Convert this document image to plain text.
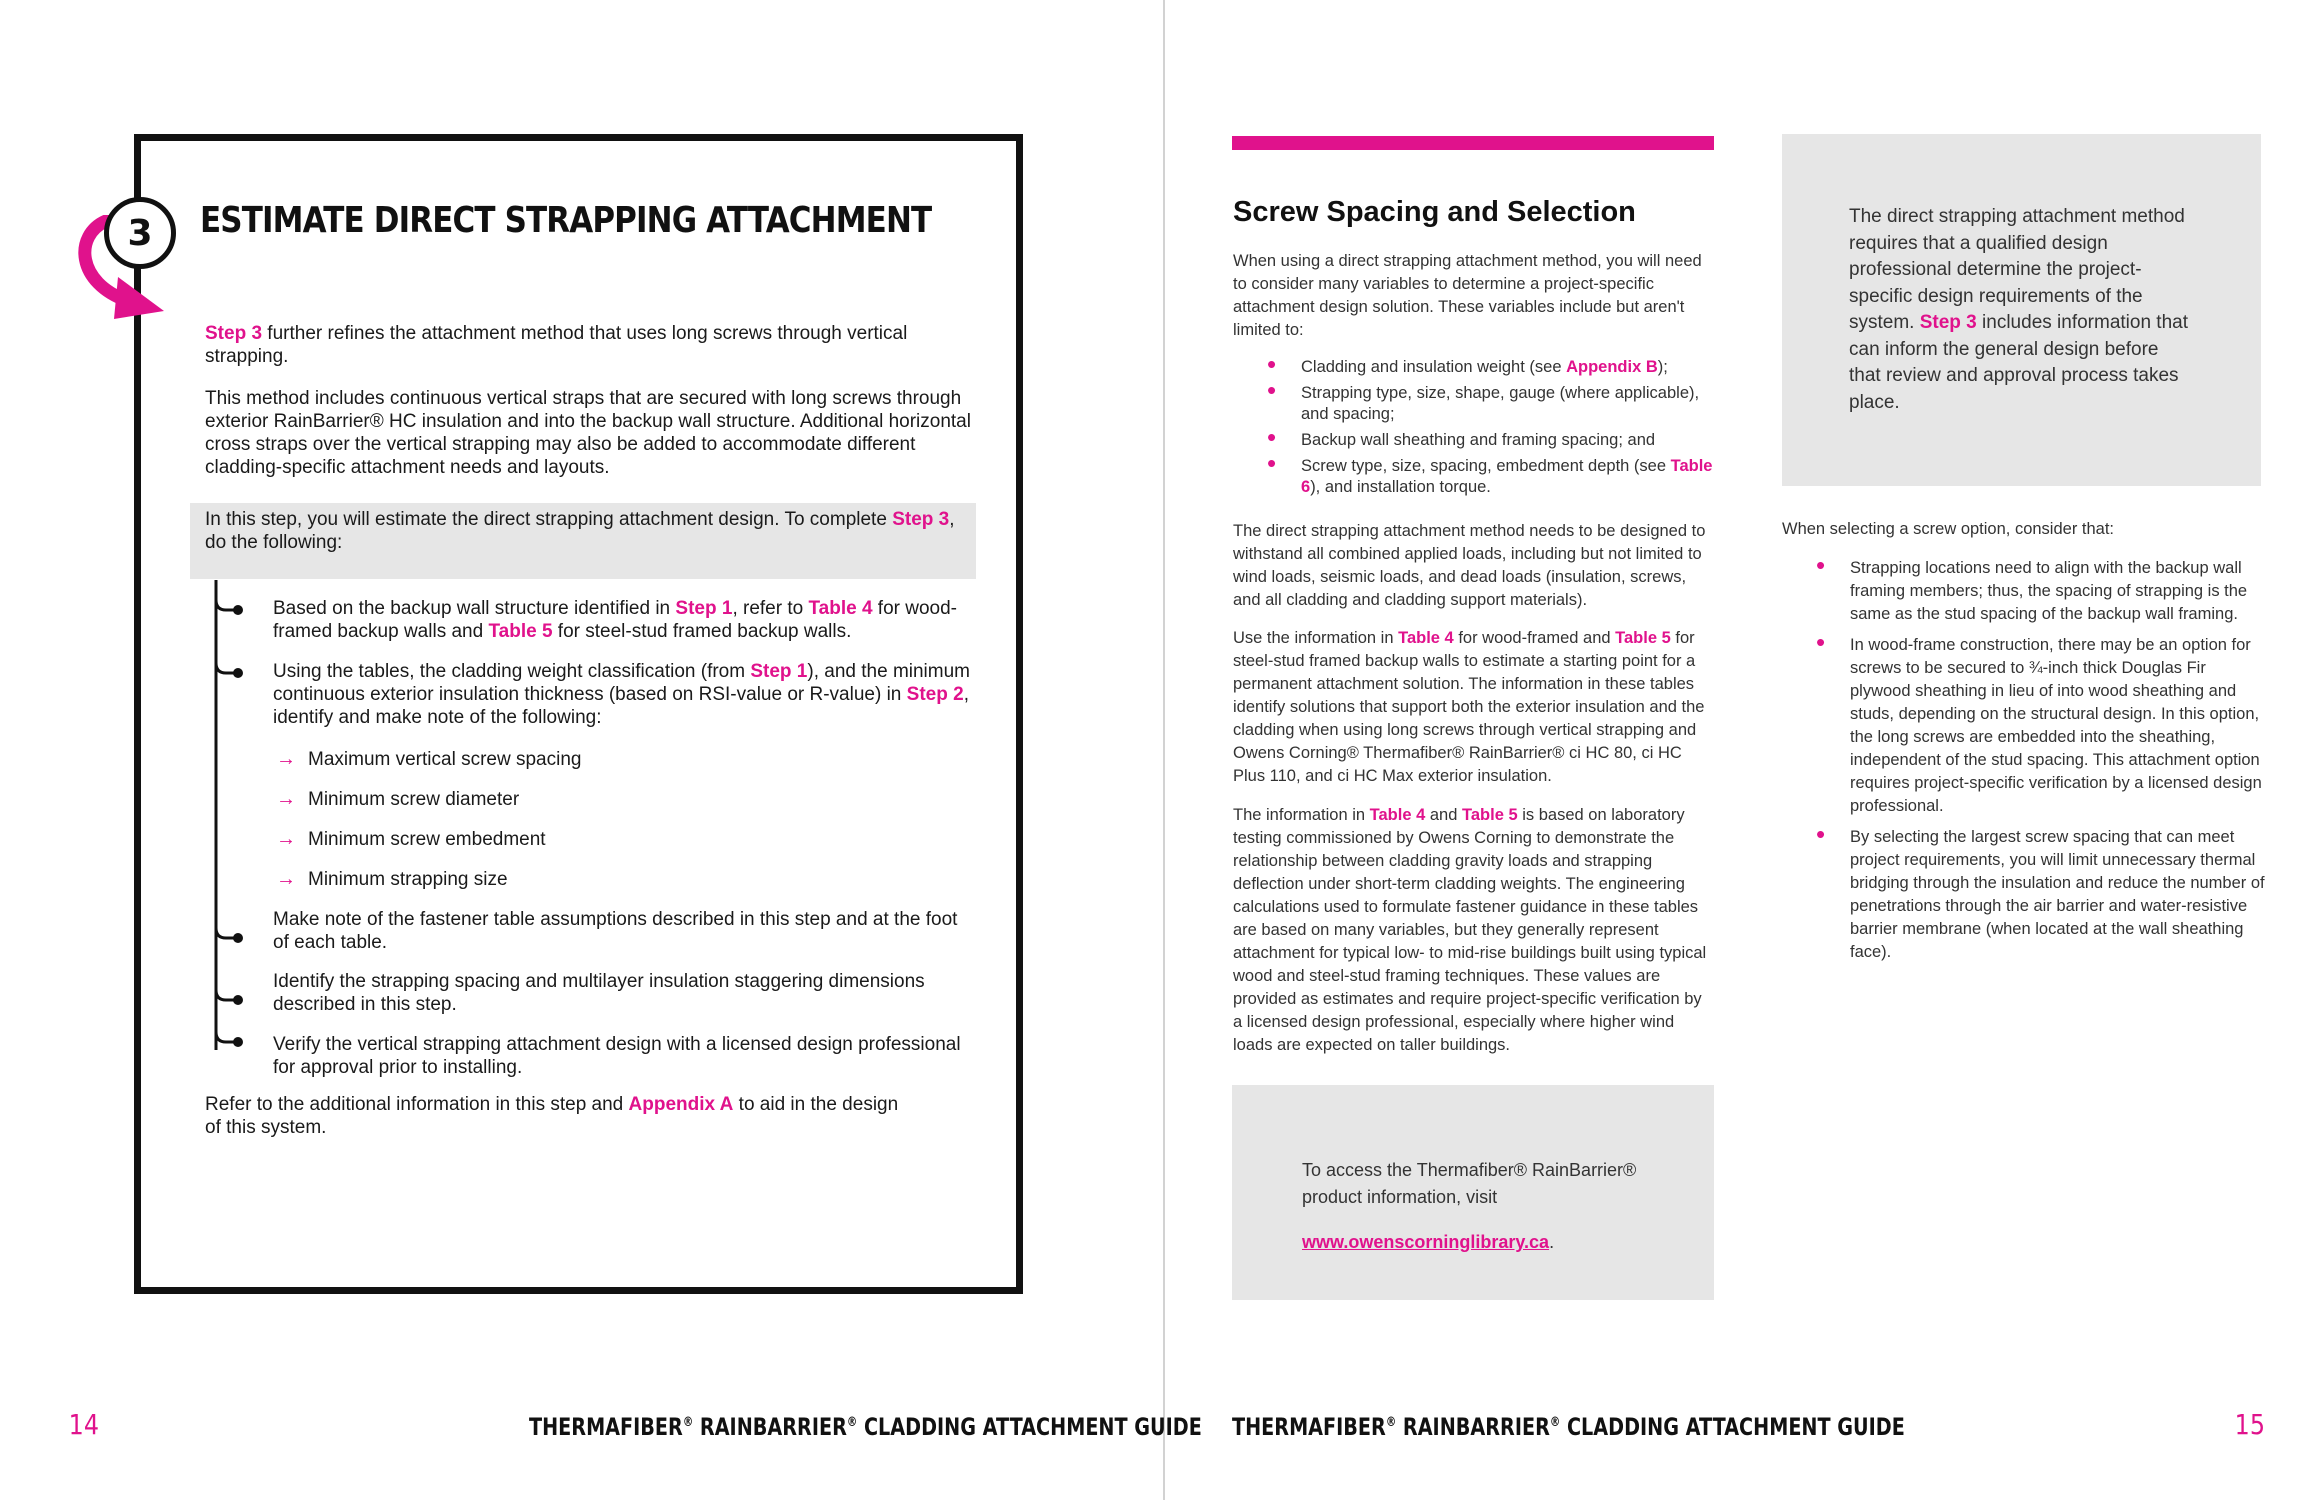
3	ESTIMATE DIRECT STRAPPING ATTACHMENT

Step 3 further refines the attachment method that uses long screws through vertical strapping.

This method includes continuous vertical straps that are secured with long screws through exterior RainBarrier® HC insulation and into the backup wall structure. Additional horizontal cross straps over the vertical strapping may also be added to accommodate different cladding-specific attachment needs and layouts.

In this step, you will estimate the direct strapping attachment design. To complete Step 3, do the following:

Based on the backup wall structure identified in Step 1, refer to Table 4 for wood-framed backup walls and Table 5 for steel-stud framed backup walls.

Using the tables, the cladding weight classification (from Step 1), and the minimum continuous exterior insulation thickness (based on RSI-value or R-value) in Step 2, identify and make note of the following:

→ Maximum vertical screw spacing

→ Minimum screw diameter

→ Minimum screw embedment

→ Minimum strapping size

Make note of the fastener table assumptions described in this step and at the foot of each table.

Identify the strapping spacing and multilayer insulation staggering dimensions described in this step.

Verify the vertical strapping attachment design with a licensed design professional for approval prior to installing.

Refer to the additional information in this step and Appendix A to aid in the design of this system.

14	THERMAFIBER® RAINBARRIER® CLADDING ATTACHMENT GUIDE
Screw Spacing and Selection

When using a direct strapping attachment method, you will need to consider many variables to determine a project-specific attachment design solution. These variables include but aren't limited to:

• Cladding and insulation weight (see Appendix B);
• Strapping type, size, shape, gauge (where applicable), and spacing;
• Backup wall sheathing and framing spacing; and
• Screw type, size, spacing, embedment depth (see Table 6), and installation torque.

The direct strapping attachment method needs to be designed to withstand all combined applied loads, including but not limited to wind loads, seismic loads, and dead loads (insulation, screws, and all cladding and cladding support materials).

Use the information in Table 4 for wood-framed and Table 5 for steel-stud framed backup walls to estimate a starting point for a permanent attachment solution. The information in these tables identify solutions that support both the exterior insulation and the cladding when using long screws through vertical strapping and Owens Corning® Thermafiber® RainBarrier® ci HC 80, ci HC Plus 110, and ci HC Max exterior insulation.

The information in Table 4 and Table 5 is based on laboratory testing commissioned by Owens Corning to demonstrate the relationship between cladding gravity loads and strapping deflection under short-term cladding weights. The engineering calculations used to formulate fastener guidance in these tables are based on many variables, but they generally represent attachment for typical low- to mid-rise buildings built using typical wood and steel-stud framing techniques. These values are provided as estimates and require project-specific verification by a licensed design professional, especially where higher wind loads are expected on taller buildings.

To access the Thermafiber® RainBarrier® product information, visit
www.owenscorninglibrary.ca.
The direct strapping attachment method requires that a qualified design professional determine the project-specific design requirements of the system. Step 3 includes information that can inform the general design before that review and approval process takes place.

When selecting a screw option, consider that:

• Strapping locations need to align with the backup wall framing members; thus, the spacing of strapping is the same as the stud spacing of the backup wall framing.
• In wood-frame construction, there may be an option for screws to be secured to ¾-inch thick Douglas Fir plywood sheathing in lieu of into wood sheathing and studs, depending on the structural design. In this option, the long screws are embedded into the sheathing, independent of the stud spacing. This attachment option requires project-specific verification by a licensed design professional.
• By selecting the largest screw spacing that can meet project requirements, you will limit unnecessary thermal bridging through the insulation and reduce the number of penetrations through the air barrier and water-resistive barrier membrane (when located at the wall sheathing face).
THERMAFIBER® RAINBARRIER® CLADDING ATTACHMENT GUIDE	15
